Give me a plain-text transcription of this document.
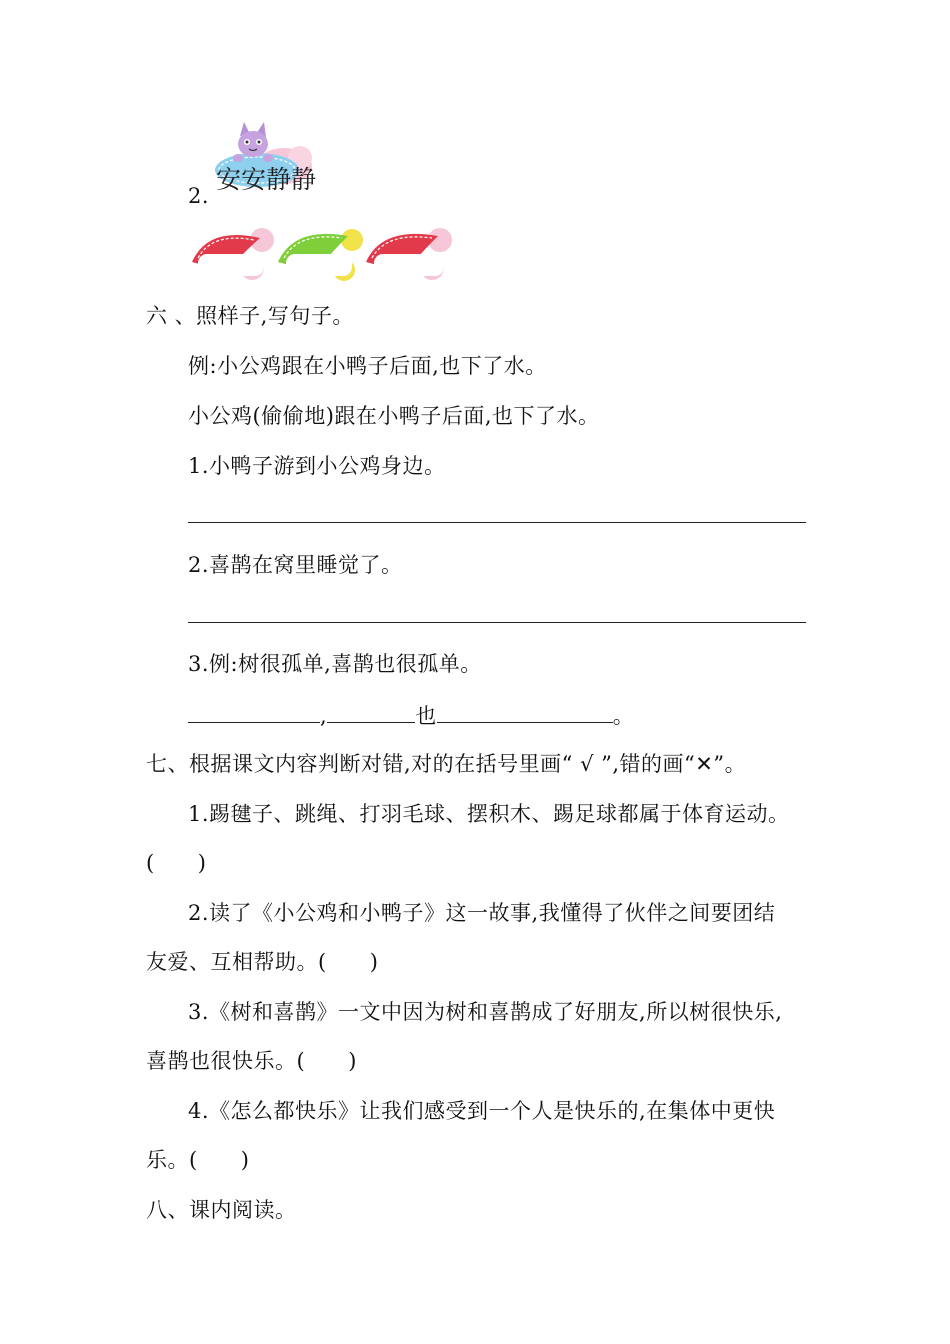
2.
安安静静
六 、照样子,写句子。
例:小公鸡跟在小鸭子后面,也下了水。
小公鸡(偷偷地)跟在小鸭子后面,也下了水。
1.小鸭子游到小公鸡身边。
2.喜鹊在窝里睡觉了。
3.例:树很孤单,喜鹊也很孤单。
,	也	。
七、根据课文内容判断对错,对的在括号里画“ √ ”,错的画“✕”。
1.踢毽子、跳绳、打羽毛球、摆积木、踢足球都属于体育运动。
(　　)
2.读了《小公鸡和小鸭子》这一故事,我懂得了伙伴之间要团结
友爱、互相帮助。(　　)
3.《树和喜鹊》一文中因为树和喜鹊成了好朋友,所以树很快乐,
喜鹊也很快乐。(　　)
4.《怎么都快乐》让我们感受到一个人是快乐的,在集体中更快
乐。(　　)
八、课内阅读。
